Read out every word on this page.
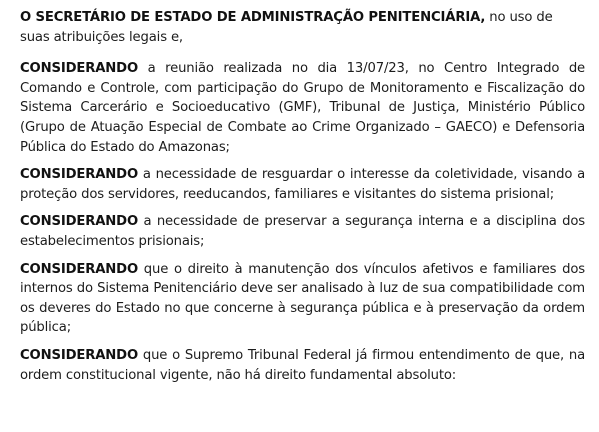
O SECRETÁRIO DE ESTADO DE ADMINISTRAÇÃO PENITENCIÁRIA, no uso de suas atribuições legais e,

CONSIDERANDO a reunião realizada no dia 13/07/23, no Centro Integrado de Comando e Controle, com participação do Grupo de Monitoramento e Fiscalização do Sistema Carcerário e Socioeducativo (GMF), Tribunal de Justiça, Ministério Público (Grupo de Atuação Especial de Combate ao Crime Organizado – GAECO) e Defensoria Pública do Estado do Amazonas;

CONSIDERANDO a necessidade de resguardar o interesse da coletividade, visando a proteção dos servidores, reeducandos, familiares e visitantes do sistema prisional;

CONSIDERANDO a necessidade de preservar a segurança interna e a disciplina dos estabelecimentos prisionais;

CONSIDERANDO que o direito à manutenção dos vínculos afetivos e familiares dos internos do Sistema Penitenciário deve ser analisado à luz de sua compatibilidade com os deveres do Estado no que concerne à segurança pública e à preservação da ordem pública;

CONSIDERANDO que o Supremo Tribunal Federal já firmou entendimento de que, na ordem constitucional vigente, não há direito fundamental absoluto:
